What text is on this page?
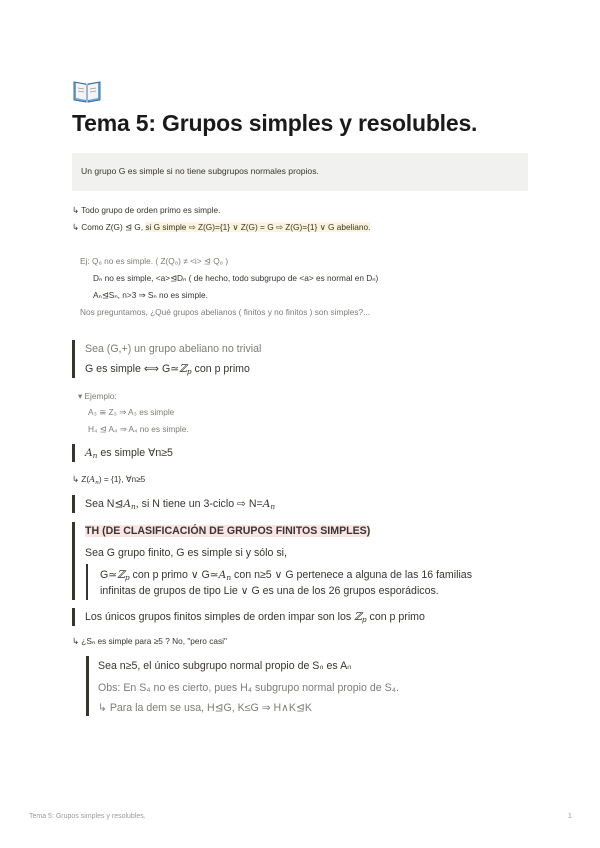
Tema 5: Grupos simples y resolubles.
Un grupo G es simple si no tiene subgrupos normales propios.
↳ Todo grupo de orden primo es simple.
↳ Como Z(G) ⊴ G, si G simple ⇨ Z(G)={1} ∨ Z(G) = G ⇨ Z(G)={1} ∨ G abeliano.
Ej: Q₈ no es simple. ( Z(Q₈) ≠ <i> ⊴ Q₈ )
Dₙ no es simple, <a>⊴Dₙ ( de hecho, todo subgrupo de <a> es normal en Dₙ)
Aₙ⊴Sₙ, n>3 ⇒ Sₙ no es simple.
Nos preguntamos, ¿Qué grupos abelianos ( finitos y no finitos ) son simples?...
Sea (G,+) un grupo abeliano no trivial
G es simple ⟺ G≃ℤ$_p$ con p primo
▾ Ejemplo:
A₃ ≅ Z₃ ⇒ A₃ es simple
H₄ ⊴ A₄ ⇒ A₄ no es simple.
$A_n$ es simple ∀n≥5
↳ $Z(A_n) = \{1\}$, ∀n≥5
Sea $N⊴A_n$, si N tiene un 3-ciclo ⇨ $N=A_n$
TH (DE CLASIFICACIÓN DE GRUPOS FINITOS SIMPLES)
Sea G grupo finito, G es simple si y sólo si,
G≃ℤ$_p$ con p primo ∨ $G≃A_n$ con n≥5 ∨ G pertenece a alguna de las 16 familias
infinitas de grupos de tipo Lie ∨ G es una de los 26 grupos esporádicos.
Los únicos grupos finitos simples de orden impar son los ℤ$_p$ con p primo
↳ ¿Sₙ es simple para ≥5 ? No, "pero casi"
Sea n≥5, el único subgrupo normal propio de Sₙ es Aₙ
Obs: En S₄ no es cierto, pues H₄ subgrupo normal propio de S₄.
↳ Para la dem se usa, H⊴G, K≤G ⇒ H∧K⊴K
Tema 5: Grupos simples y resolubles.	1
